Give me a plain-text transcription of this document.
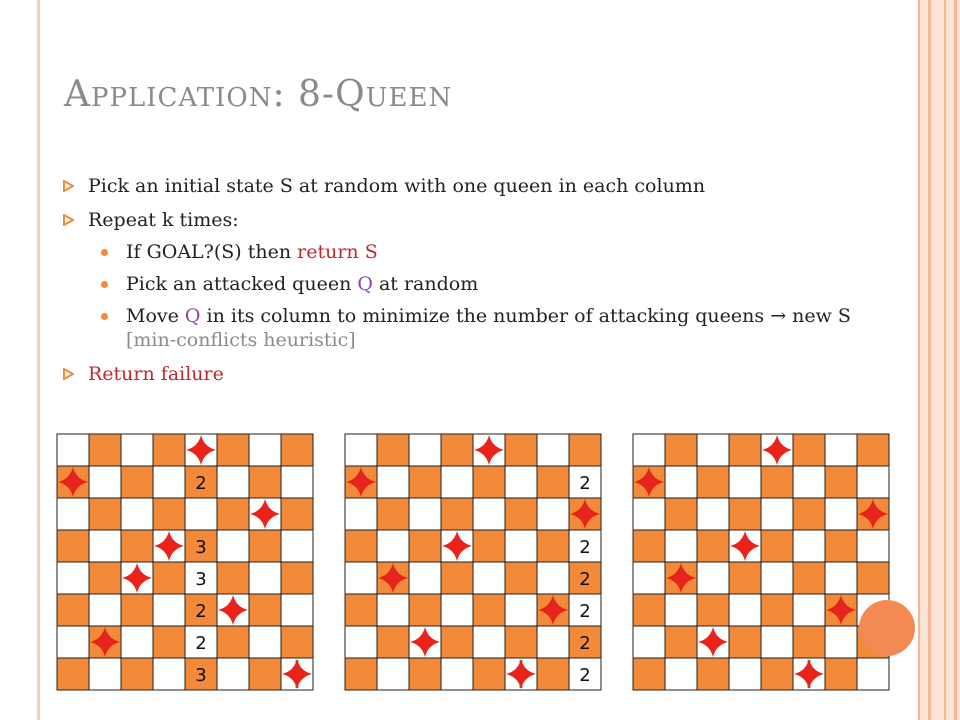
APPLICATION: 8-QUEEN
Pick an initial state S at random with one queen in each column
Repeat k times:
If GOAL?(S) then return S
Pick an attacked queen Q at random
Move Q in its column to minimize the number of attacking queens → new S [min-conflicts heuristic]
Return failure
2
3
3
2
2
3
2
2
2
2
2
2
